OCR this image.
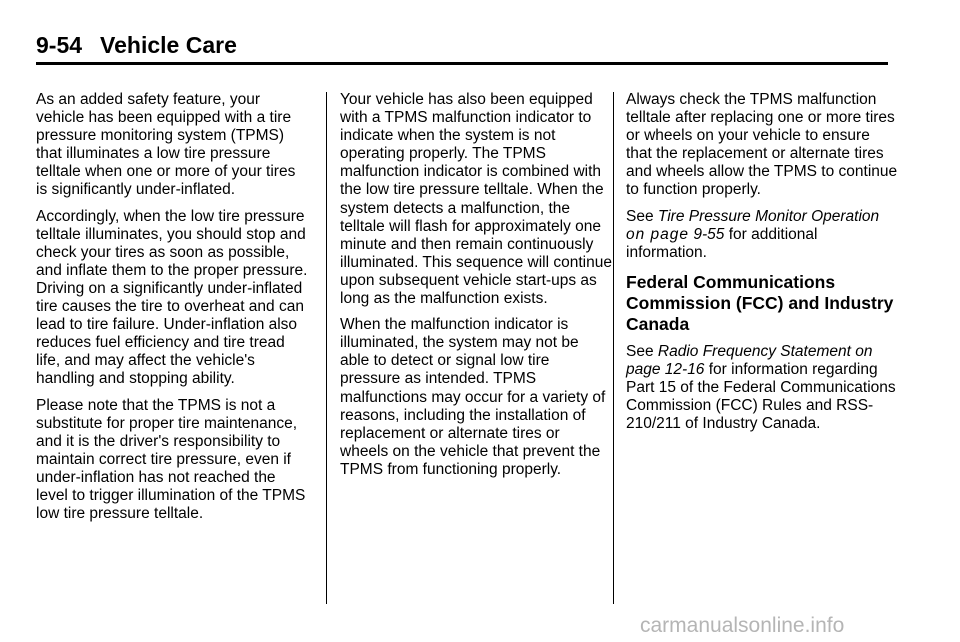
9-54 Vehicle Care

As an added safety feature, your vehicle has been equipped with a tire pressure monitoring system (TPMS) that illuminates a low tire pressure telltale when one or more of your tires is significantly under-inflated.

Accordingly, when the low tire pressure telltale illuminates, you should stop and check your tires as soon as possible, and inflate them to the proper pressure. Driving on a significantly under-inflated tire causes the tire to overheat and can lead to tire failure. Under-inflation also reduces fuel efficiency and tire tread life, and may affect the vehicle's handling and stopping ability.

Please note that the TPMS is not a substitute for proper tire maintenance, and it is the driver's responsibility to maintain correct tire pressure, even if under-inflation has not reached the level to trigger illumination of the TPMS low tire pressure telltale.

Your vehicle has also been equipped with a TPMS malfunction indicator to indicate when the system is not operating properly. The TPMS malfunction indicator is combined with the low tire pressure telltale. When the system detects a malfunction, the telltale will flash for approximately one minute and then remain continuously illuminated. This sequence will continue upon subsequent vehicle start-ups as long as the malfunction exists.

When the malfunction indicator is illuminated, the system may not be able to detect or signal low tire pressure as intended. TPMS malfunctions may occur for a variety of reasons, including the installation of replacement or alternate tires or wheels on the vehicle that prevent the TPMS from functioning properly.

Always check the TPMS malfunction telltale after replacing one or more tires or wheels on your vehicle to ensure that the replacement or alternate tires and wheels allow the TPMS to continue to function properly.

See Tire Pressure Monitor Operation on page 9-55 for additional information.

Federal Communications Commission (FCC) and Industry Canada

See Radio Frequency Statement on page 12-16 for information regarding Part 15 of the Federal Communications Commission (FCC) Rules and RSS-210/211 of Industry Canada.

carmanualsonline.info
